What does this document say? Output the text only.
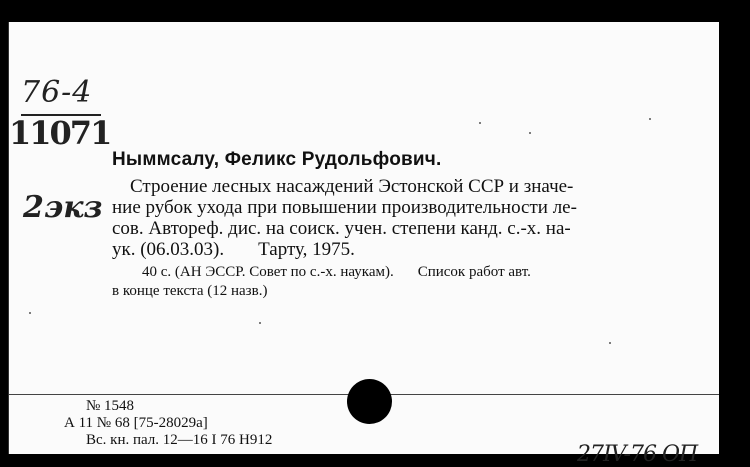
76-4
11071
2экз
Ныммсалу, Феликс Рудольфович.
Строение лесных насаждений Эстонской ССР и значе-
ние рубок ухода при повышении производительности ле-
сов. Автореф. дис. на соиск. учен. степени канд. с.-х. на-
ук. (06.03.03). Тарту, 1975.
40 с. (АН ЭССР. Совет по с.-х. наукам). Список работ авт.
в конце текста (12 назв.)
№ 1548
А 11 № 68 [75-28029а]
Вс. кн. пал. 12—16 I 76 Н912
27IV-76 ОП
